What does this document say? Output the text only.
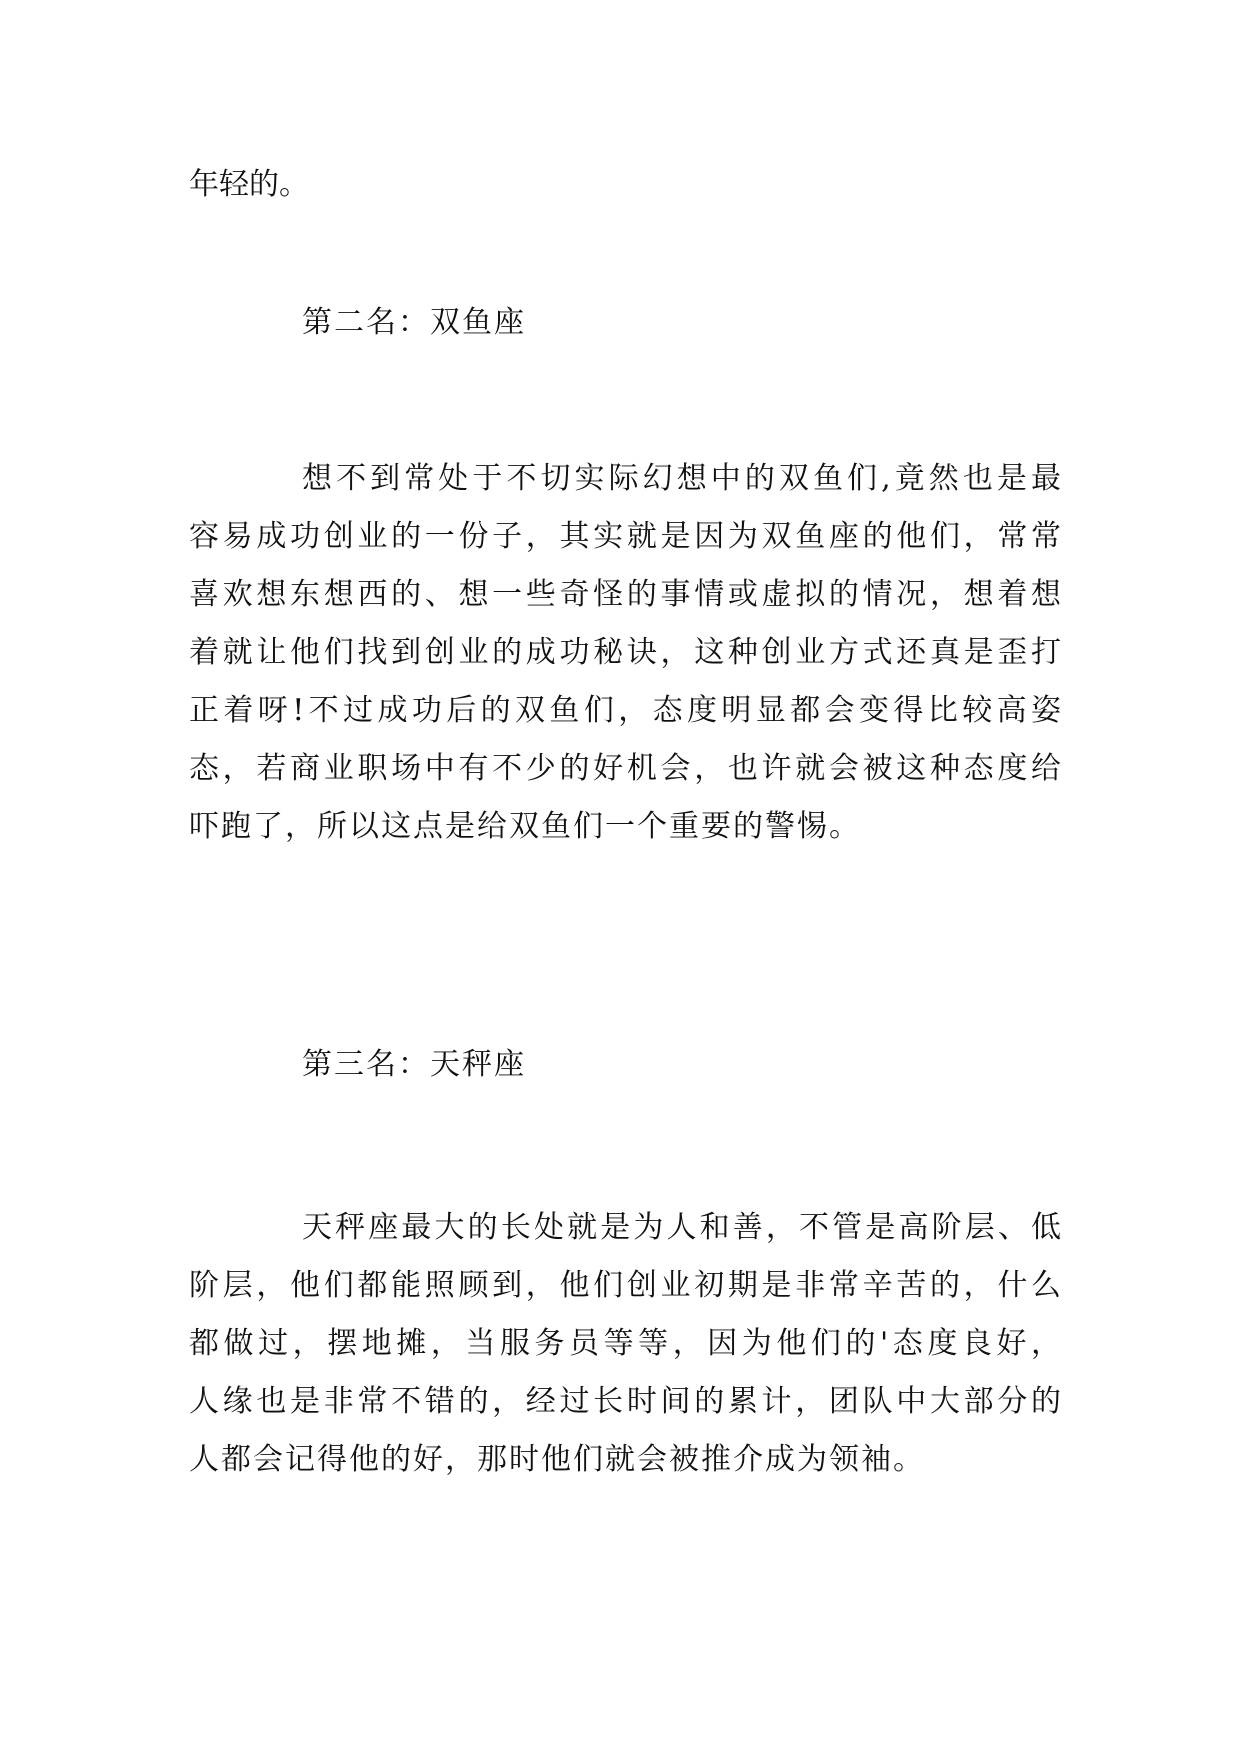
年轻的。
第二名：双鱼座
想不到常处于不切实际幻想中的双鱼们,竟然也是最
容易成功创业的一份子，其实就是因为双鱼座的他们，常常
喜欢想东想西的、想一些奇怪的事情或虚拟的情况，想着想
着就让他们找到创业的成功秘诀，这种创业方式还真是歪打
正着呀!不过成功后的双鱼们，态度明显都会变得比较高姿
态，若商业职场中有不少的好机会，也许就会被这种态度给
吓跑了，所以这点是给双鱼们一个重要的警惕。
第三名：天秤座
天秤座最大的长处就是为人和善，不管是高阶层、低
阶层，他们都能照顾到，他们创业初期是非常辛苦的，什么
都做过，摆地摊，当服务员等等，因为他们的'态度良好，
人缘也是非常不错的，经过长时间的累计，团队中大部分的
人都会记得他的好，那时他们就会被推介成为领袖。
